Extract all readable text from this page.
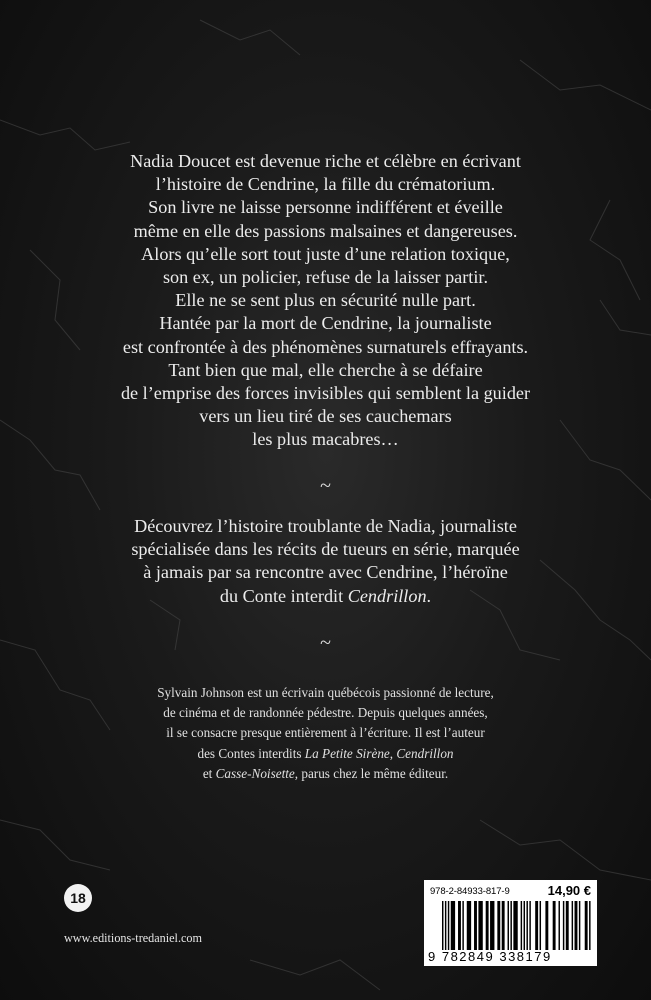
Nadia Doucet est devenue riche et célèbre en écrivant
l’histoire de Cendrine, la fille du crématorium.
Son livre ne laisse personne indifférent et éveille
même en elle des passions malsaines et dangereuses.
Alors qu’elle sort tout juste d’une relation toxique,
son ex, un policier, refuse de la laisser partir.
Elle ne se sent plus en sécurité nulle part.
Hantée par la mort de Cendrine, la journaliste
est confrontée à des phénomènes surnaturels effrayants.
Tant bien que mal, elle cherche à se défaire
de l’emprise des forces invisibles qui semblent la guider
vers un lieu tiré de ses cauchemars
les plus macabres…
~
Découvrez l’histoire troublante de Nadia, journaliste
spécialisée dans les récits de tueurs en série, marquée
à jamais par sa rencontre avec Cendrine, l’héroïne
du Conte interdit Cendrillon.
~
Sylvain Johnson est un écrivain québécois passionné de lecture,
de cinéma et de randonnée pédestre. Depuis quelques années,
il se consacre presque entièrement à l’écriture. Il est l’auteur
des Contes interdits La Petite Sirène, Cendrillon
et Casse-Noisette, parus chez le même éditeur.
18
www.editions-tredaniel.com
978-2-84933-817-9	14,90 €
9 782849 338179
